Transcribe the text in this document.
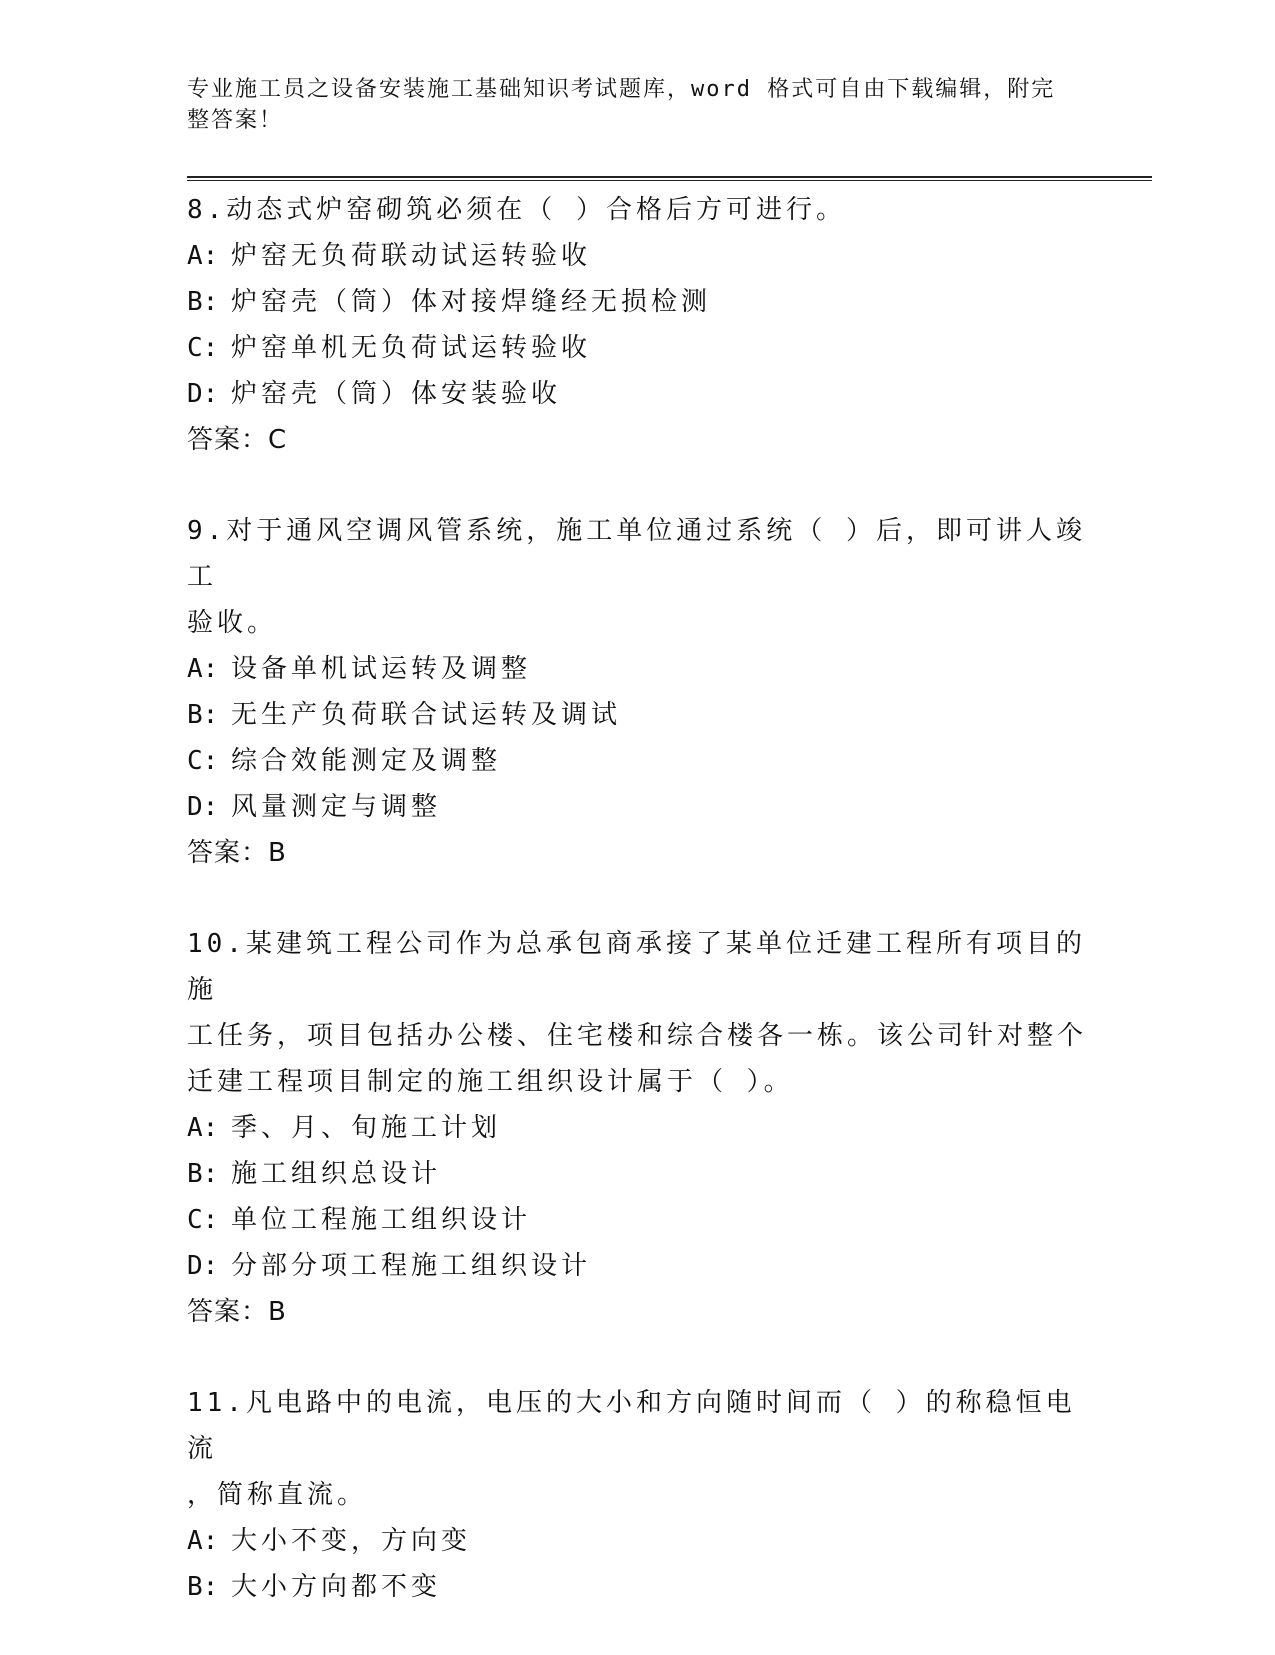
专业施工员之设备安装施工基础知识考试题库，word 格式可自由下载编辑，附完
整答案！

8.动态式炉窑砌筑必须在（ ）合格后方可进行。

A: 炉窑无负荷联动试运转验收

B: 炉窑壳（筒）体对接焊缝经无损检测

C: 炉窑单机无负荷试运转验收

D: 炉窑壳（筒）体安装验收

答案：C

9.对于通风空调风管系统，施工单位通过系统（ ）后，即可讲人竣工

验收。

A: 设备单机试运转及调整

B: 无生产负荷联合试运转及调试

C: 综合效能测定及调整

D: 风量测定与调整

答案：B

10.某建筑工程公司作为总承包商承接了某单位迁建工程所有项目的施

工任务，项目包括办公楼、住宅楼和综合楼各一栋。该公司针对整个

迁建工程项目制定的施工组织设计属于（ ）。

A: 季、月、旬施工计划

B: 施工组织总设计

C: 单位工程施工组织设计

D: 分部分项工程施工组织设计

答案：B

11.凡电路中的电流，电压的大小和方向随时间而（ ）的称稳恒电流

，简称直流。

A: 大小不变，方向变

B: 大小方向都不变
